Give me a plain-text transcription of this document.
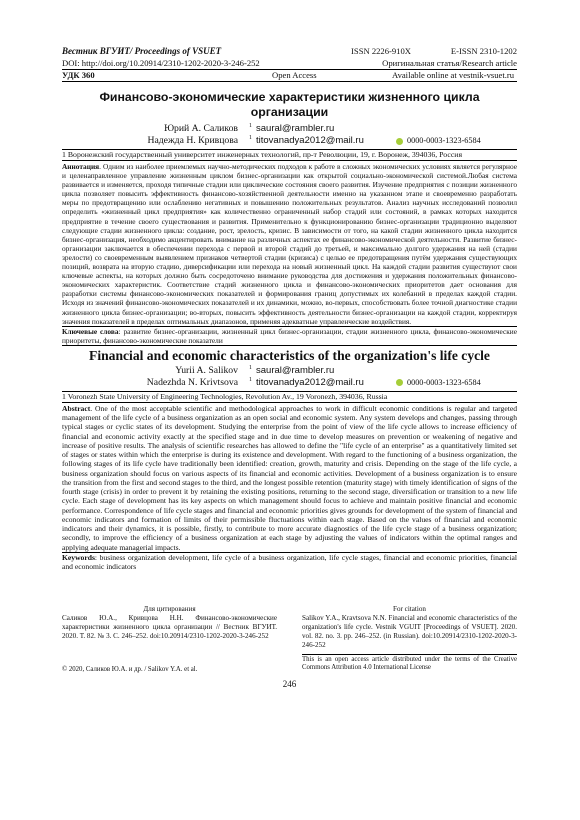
Вестник ВГУИТ/ Proceedings of VSUET	ISSN 2226-910X	E-ISSN 2310-1202
DOI: http://doi.org/10.20914/2310-1202-2020-3-246-252	Оригинальная статья/Research article
УДК 360	Open Access	Available online at vestnik-vsuet.ru
Финансово-экономические характеристики жизненного цикла организации
Юрий А. Саликов 1 saural@rambler.ru
Надежда Н. Кривцова 1 titovanadya2012@mail.ru	0000-0003-1323-6584
1 Воронежский государственный университет инженерных технологий, пр-т Революции, 19, г. Воронеж, 394036, Россия
Аннотация. Одним из наиболее приемлемых научно-методических подходов к работе в сложных экономических условиях является регулярное и целенаправленное управление жизненным циклом бизнес-организации как открытой социально-экономической системой.Любая система развивается и изменяется, проходя типичные стадии или циклические состояния своего развития. Изучение предприятия с позиции жизненного цикла позволяет повысить эффективность финансово-хозяйственной деятельности именно на указанном этапе и своевременно разработать меры по предотвращению или ослаблению негативных и повышению положительных результатов. Анализ научных исследований позволил определить «жизненный цикл предприятия» как количественно ограниченный набор стадий или состояний, в рамках которых находится предприятие в течение своего существования и развития. Применительно к функционированию бизнес-организации традиционно выделяют следующие стадии жизненного цикла: создание, рост, зрелость, кризис. В зависимости от того, на какой стадии жизненного цикла находится бизнес-организация, необходимо акцентировать внимание на различных аспектах ее финансово-экономической деятельности. Развитие бизнес-организации заключается в обеспечении перехода с первой и второй стадий до третьей, и максимально долгого удержания на ней (стадии зрелости) со своевременным выявлением признаков четвертой стадии (кризиса) с целью ее предотвращения путём удержания существующих позиций, возврата на вторую стадию, диверсификации или перехода на новый жизненный цикл. На каждой стадии развития существуют свои ключевые аспекты, на которых должно быть сосредоточено внимание руководства для достижения и удержания положительных финансово-экономических характеристик. Соответствие стадий жизненного цикла и финансово-экономических приоритетов дает основания для разработки системы финансово-экономических показателей и формирования границ допустимых их колебаний в пределах каждой стадии. Исходя из значений финансово-экономических показателей и их динамики, можно, во-первых, способствовать более точной диагностике стадии жизненного цикла бизнес-организации; во-вторых, повысить эффективность деятельности бизнес-организации на каждой стадии, корректируя значения показателей в пределах оптимальных диапазонов, применяя адекватные управленческие воздействия.
Ключевые слова: развитие бизнес-организации, жизненный цикл бизнес-организации, стадии жизненного цикла, финансово-экономические приоритеты, финансово-экономические показатели
Financial and economic characteristics of the organization's life cycle
Yurii A. Salikov 1 saural@rambler.ru
Nadezhda N. Krivtsova 1 titovanadya2012@mail.ru	0000-0003-1323-6584
1 Voronezh State University of Engineering Technologies, Revolution Av., 19 Voronezh, 394036, Russia
Abstract. One of the most acceptable scientific and methodological approaches to work in difficult economic conditions is regular and targeted management of the life cycle of a business organization as an open social and economic system. Any system develops and changes, passing through typical stages or cyclic states of its development. Studying the enterprise from the point of view of the life cycle allows to increase efficiency of financial and economic activity exactly at the specified stage and in due time to develop measures on prevention or weakening of negative and increase of positive results. The analysis of scientific researches has allowed to define the "life cycle of an enterprise" as a quantitatively limited set of stages or states within which the enterprise is during its existence and development. With regard to the functioning of a business organization, the following stages of its life cycle have traditionally been identified: creation, growth, maturity and crisis. Depending on the stage of the life cycle, a business organization should focus on various aspects of its financial and economic activities. Development of a business organization is to ensure the transition from the first and second stages to the third, and the longest possible retention (maturity stage) with timely identification of signs of the fourth stage (crisis) in order to prevent it by retaining the existing positions, returning to the second stage, diversification or transition to a new life cycle. Each stage of development has its key aspects on which management should focus to achieve and maintain positive financial and economic performance. Correspondence of life cycle stages and financial and economic priorities gives grounds for development of the system of financial and economic indicators and formation of limits of their permissible fluctuations within each stage. Based on the values of financial and economic indicators and their dynamics, it is possible, firstly, to contribute to more accurate diagnostics of the life cycle stage of a business organization; secondly, to improve the efficiency of a business organization at each stage by adjusting the values of indicators within the optimal ranges and applying adequate managerial impacts.
Keywords: business organization development, life cycle of a business organization, life cycle stages, financial and economic priorities, financial and economic indicators
Для цитирования
Саликов Ю.А., Кривцова Н.Н. Финансово-экономические характеристики жизненного цикла организации // Вестник ВГУИТ. 2020. Т. 82. № 3. С. 246–252. doi:10.20914/2310-1202-2020-3-246-252
For citation
Salikov Y.A., Kravtsova N.N. Financial and economic characteristics of the organization's life cycle. Vestnik VGUIT [Proceedings of VSUET]. 2020. vol. 82. no. 3. pp. 246–252. (in Russian). doi:10.20914/2310-1202-2020-3-246-252
© 2020, Саликов Ю.А. и др. / Salikov Y.A. et al.
This is an open access article distributed under the terms of the Creative Commons Attribution 4.0 International License
246
